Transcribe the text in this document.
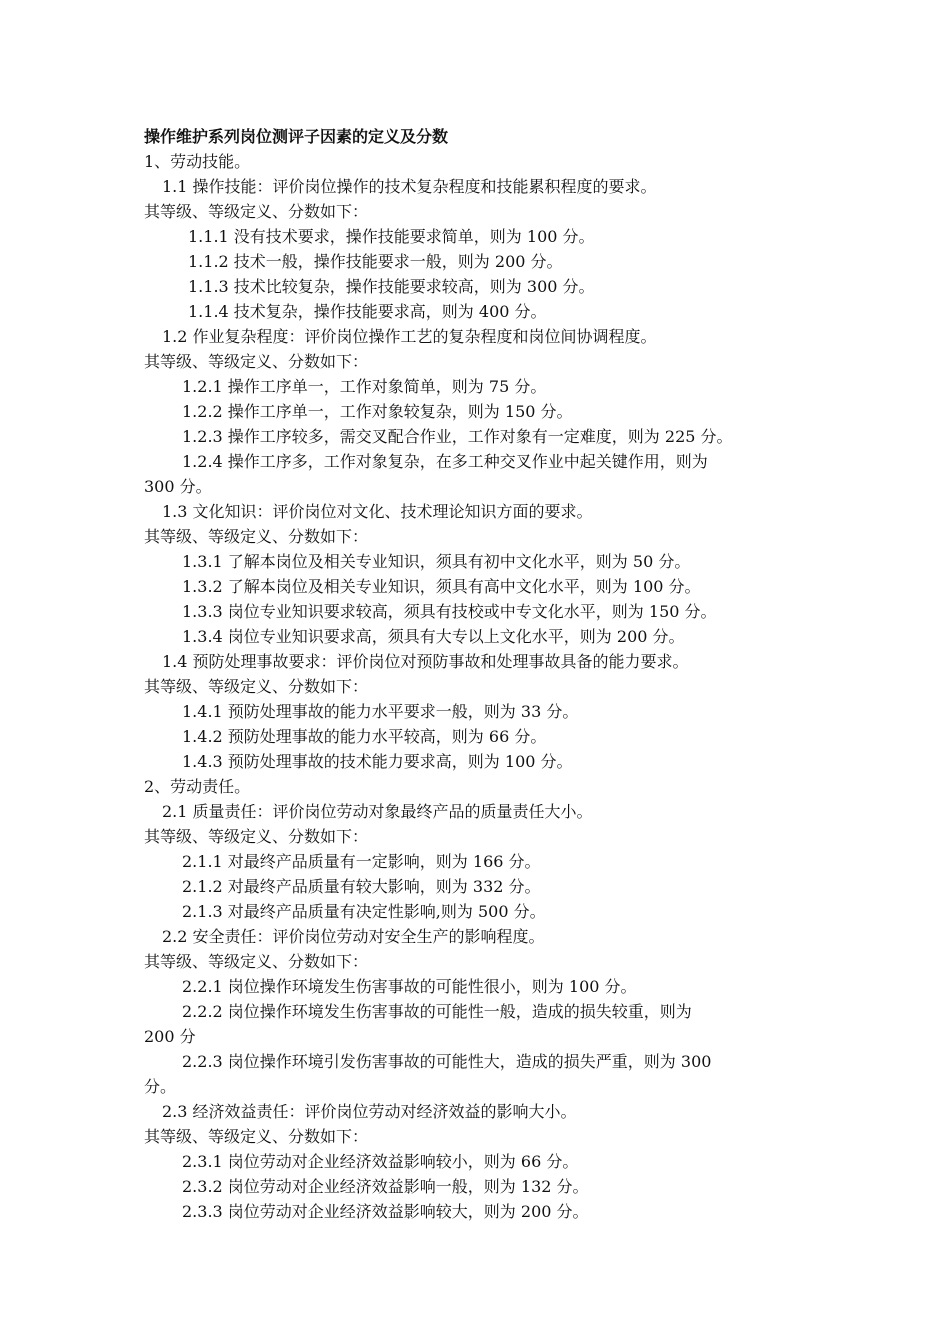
操作维护系列岗位测评子因素的定义及分数
1、劳动技能。
1.1 操作技能：评价岗位操作的技术复杂程度和技能累积程度的要求。
其等级、等级定义、分数如下：
1.1.1 没有技术要求，操作技能要求简单，则为 100 分。
1.1.2 技术一般，操作技能要求一般，则为 200 分。
1.1.3 技术比较复杂，操作技能要求较高，则为 300 分。
1.1.4 技术复杂，操作技能要求高，则为 400 分。
1.2 作业复杂程度：评价岗位操作工艺的复杂程度和岗位间协调程度。
其等级、等级定义、分数如下：
1.2.1 操作工序单一，工作对象简单，则为 75 分。
1.2.2 操作工序单一，工作对象较复杂，则为 150 分。
1.2.3 操作工序较多，需交叉配合作业，工作对象有一定难度，则为 225 分。
1.2.4 操作工序多，工作对象复杂，在多工种交叉作业中起关键作用，则为
300 分。
1.3 文化知识：评价岗位对文化、技术理论知识方面的要求。
其等级、等级定义、分数如下：
1.3.1 了解本岗位及相关专业知识，须具有初中文化水平，则为 50 分。
1.3.2 了解本岗位及相关专业知识，须具有高中文化水平，则为 100 分。
1.3.3 岗位专业知识要求较高，须具有技校或中专文化水平，则为 150 分。
1.3.4 岗位专业知识要求高，须具有大专以上文化水平，则为 200 分。
1.4 预防处理事故要求：评价岗位对预防事故和处理事故具备的能力要求。
其等级、等级定义、分数如下：
1.4.1 预防处理事故的能力水平要求一般，则为 33 分。
1.4.2 预防处理事故的能力水平较高，则为 66 分。
1.4.3 预防处理事故的技术能力要求高，则为 100 分。
2、劳动责任。
2.1 质量责任：评价岗位劳动对象最终产品的质量责任大小。
其等级、等级定义、分数如下：
2.1.1 对最终产品质量有一定影响，则为 166 分。
2.1.2 对最终产品质量有较大影响，则为 332 分。
2.1.3 对最终产品质量有决定性影响,则为 500 分。
2.2 安全责任：评价岗位劳动对安全生产的影响程度。
其等级、等级定义、分数如下：
2.2.1 岗位操作环境发生伤害事故的可能性很小，则为 100 分。
2.2.2 岗位操作环境发生伤害事故的可能性一般，造成的损失较重，则为
200 分
2.2.3 岗位操作环境引发伤害事故的可能性大，造成的损失严重，则为 300
分。
2.3 经济效益责任：评价岗位劳动对经济效益的影响大小。
其等级、等级定义、分数如下：
2.3.1 岗位劳动对企业经济效益影响较小，则为 66 分。
2.3.2 岗位劳动对企业经济效益影响一般，则为 132 分。
2.3.3 岗位劳动对企业经济效益影响较大，则为 200 分。
